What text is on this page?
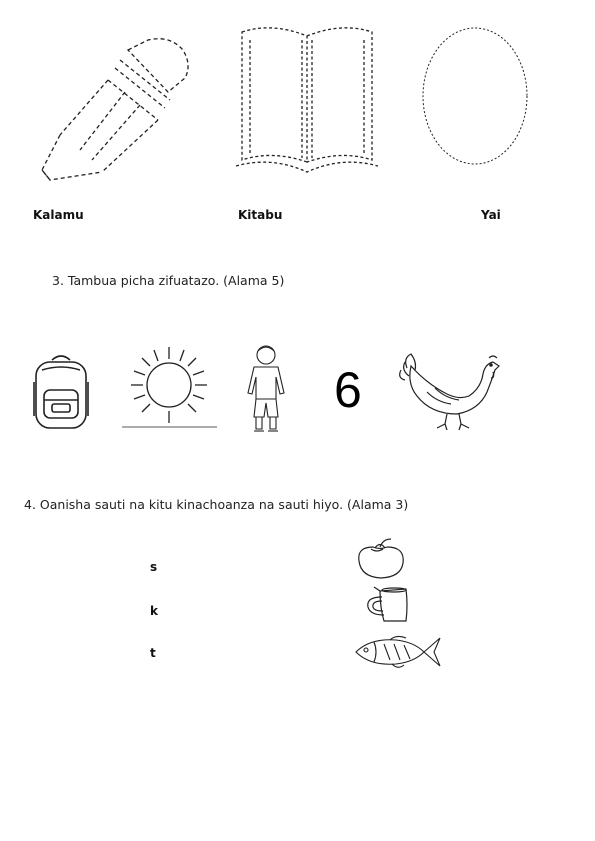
Kalamu	Kitabu	Yai
3. Tambua picha zifuatazo. (Alama 5)
6
4. Oanisha sauti na kitu kinachoanza na sauti hiyo. (Alama 3)
s
k
t
